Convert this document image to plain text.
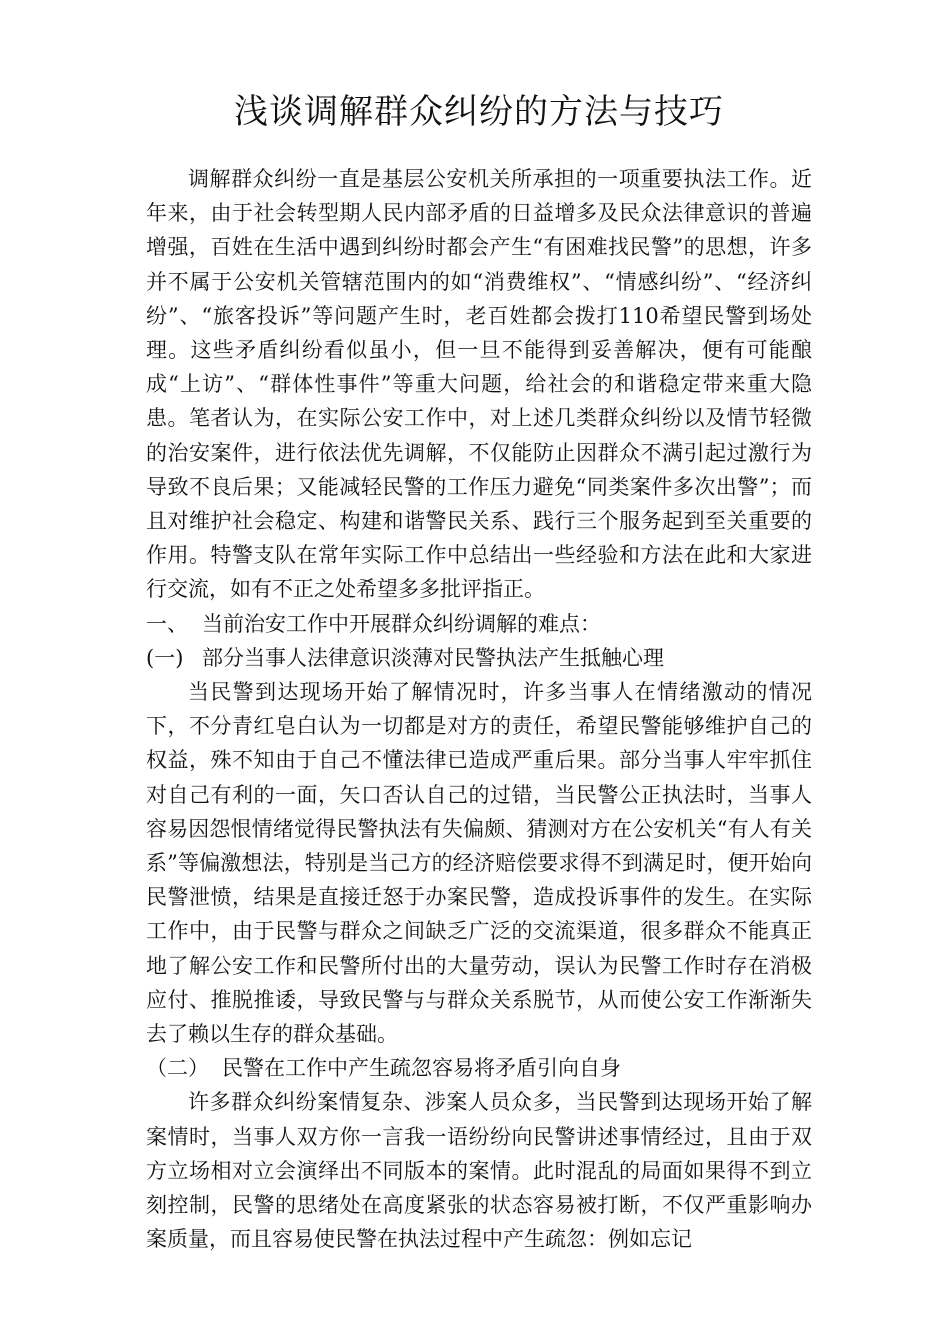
浅谈调解群众纠纷的方法与技巧

调解群众纠纷一直是基层公安机关所承担的一项重要执法工作。近年来，由于社会转型期人民内部矛盾的日益增多及民众法律意识的普遍增强，百姓在生活中遇到纠纷时都会产生“有困难找民警”的思想，许多并不属于公安机关管辖范围内的如“消费维权”、“情感纠纷”、“经济纠纷”、“旅客投诉”等问题产生时，老百姓都会拨打110希望民警到场处理。这些矛盾纠纷看似虽小，但一旦不能得到妥善解决，便有可能酿成“上访”、“群体性事件”等重大问题，给社会的和谐稳定带来重大隐患。笔者认为，在实际公安工作中，对上述几类群众纠纷以及情节轻微的治安案件，进行依法优先调解，不仅能防止因群众不满引起过激行为导致不良后果；又能减轻民警的工作压力避免“同类案件多次出警”；而且对维护社会稳定、构建和谐警民关系、践行三个服务起到至关重要的作用。特警支队在常年实际工作中总结出一些经验和方法在此和大家进行交流，如有不正之处希望多多批评指正。

一、 当前治安工作中开展群众纠纷调解的难点：
(一) 部分当事人法律意识淡薄对民警执法产生抵触心理

当民警到达现场开始了解情况时，许多当事人在情绪激动的情况下，不分青红皂白认为一切都是对方的责任，希望民警能够维护自己的权益，殊不知由于自己不懂法律已造成严重后果。部分当事人牢牢抓住对自己有利的一面，矢口否认自己的过错，当民警公正执法时，当事人容易因怨恨情绪觉得民警执法有失偏颇、猜测对方在公安机关“有人有关系”等偏激想法，特别是当己方的经济赔偿要求得不到满足时，便开始向民警泄愤，结果是直接迁怒于办案民警，造成投诉事件的发生。在实际工作中，由于民警与群众之间缺乏广泛的交流渠道，很多群众不能真正地了解公安工作和民警所付出的大量劳动，误认为民警工作时存在消极应付、推脱推诿，导致民警与与群众关系脱节，从而使公安工作渐渐失去了赖以生存的群众基础。

（二） 民警在工作中产生疏忽容易将矛盾引向自身

许多群众纠纷案情复杂、涉案人员众多，当民警到达现场开始了解案情时，当事人双方你一言我一语纷纷向民警讲述事情经过，且由于双方立场相对立会演绎出不同版本的案情。此时混乱的局面如果得不到立刻控制，民警的思绪处在高度紧张的状态容易被打断，不仅严重影响办案质量，而且容易使民警在执法过程中产生疏忽：例如忘记
